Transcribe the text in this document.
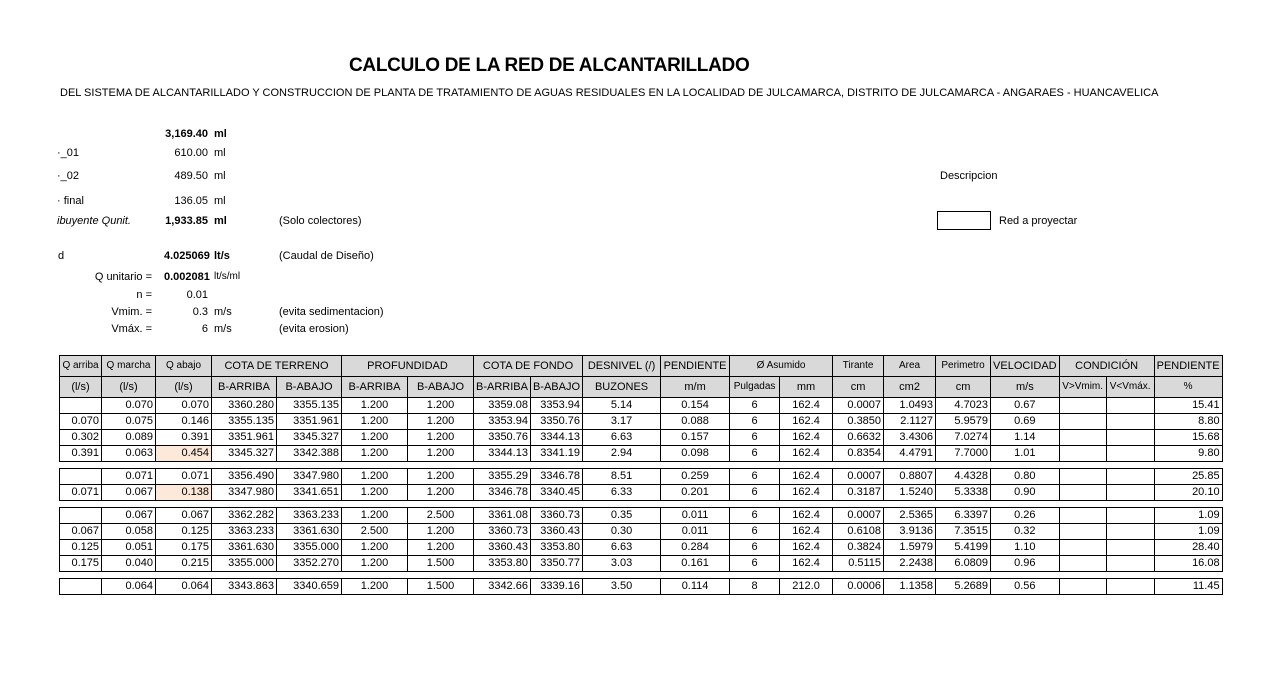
CALCULO DE LA RED DE ALCANTARILLADO
DEL SISTEMA DE ALCANTARILLADO Y CONSTRUCCION DE PLANTA DE TRATAMIENTO DE AGUAS RESIDUALES EN LA LOCALIDAD DE JULCAMARCA, DISTRITO DE JULCAMARCA - ANGARAES - HUANCAVELICA
3,169.40 ml
·_01	610.00 ml
·_02	489.50 ml
· final	136.05 ml
ibuyente Qunit.	1,933.85 ml	(Solo colectores)
d	4.025069 lt/s	(Caudal de Diseño)
Q unitario = 0.002081 lt/s/ml
n =	0.01
Vmim. =	0.3 m/s	(evita sedimentacion)
Vmáx. =	6 m/s	(evita erosion)
Descripcion
Red a proyectar
Q arriba	Q marcha	Q abajo	COTA DE TERRENO		PROFUNDIDAD		COTA DE FONDO		DESNIVEL (/)	PENDIENTE	Ø Asumido		Tirante	Area	Perimetro	VELOCIDAD	CONDICIÓN		PENDIENTE
(l/s)	(l/s)	(l/s)	B-ARRIBA	B-ABAJO	B-ARRIBA	B-ABAJO	B-ARRIBA	B-ABAJO	BUZONES	m/m	Pulgadas	mm	cm	cm2	cm	m/s	V>Vmim.	V<Vmáx.	%
	0.070	0.070	3360.280	3355.135	1.200	1.200	3359.08	3353.94	5.14	0.154	6	162.4	0.0007	1.0493	4.7023	0.67			15.41
0.070	0.075	0.146	3355.135	3351.961	1.200	1.200	3353.94	3350.76	3.17	0.088	6	162.4	0.3850	2.1127	5.9579	0.69			8.80
0.302	0.089	0.391	3351.961	3345.327	1.200	1.200	3350.76	3344.13	6.63	0.157	6	162.4	0.6632	3.4306	7.0274	1.14			15.68
0.391	0.063	0.454	3345.327	3342.388	1.200	1.200	3344.13	3341.19	2.94	0.098	6	162.4	0.8354	4.4791	7.7000	1.01			9.80

	0.071	0.071	3356.490	3347.980	1.200	1.200	3355.29	3346.78	8.51	0.259	6	162.4	0.0007	0.8807	4.4328	0.80			25.85
0.071	0.067	0.138	3347.980	3341.651	1.200	1.200	3346.78	3340.45	6.33	0.201	6	162.4	0.3187	1.5240	5.3338	0.90			20.10

	0.067	0.067	3362.282	3363.233	1.200	2.500	3361.08	3360.73	0.35	0.011	6	162.4	0.0007	2.5365	6.3397	0.26			1.09
0.067	0.058	0.125	3363.233	3361.630	2.500	1.200	3360.73	3360.43	0.30	0.011	6	162.4	0.6108	3.9136	7.3515	0.32			1.09
0.125	0.051	0.175	3361.630	3355.000	1.200	1.200	3360.43	3353.80	6.63	0.284	6	162.4	0.3824	1.5979	5.4199	1.10			28.40
0.175	0.040	0.215	3355.000	3352.270	1.200	1.500	3353.80	3350.77	3.03	0.161	6	162.4	0.5115	2.2438	6.0809	0.96			16.08

	0.064	0.064	3343.863	3340.659	1.200	1.500	3342.66	3339.16	3.50	0.114	8	212.0	0.0006	1.1358	5.2689	0.56			11.45
